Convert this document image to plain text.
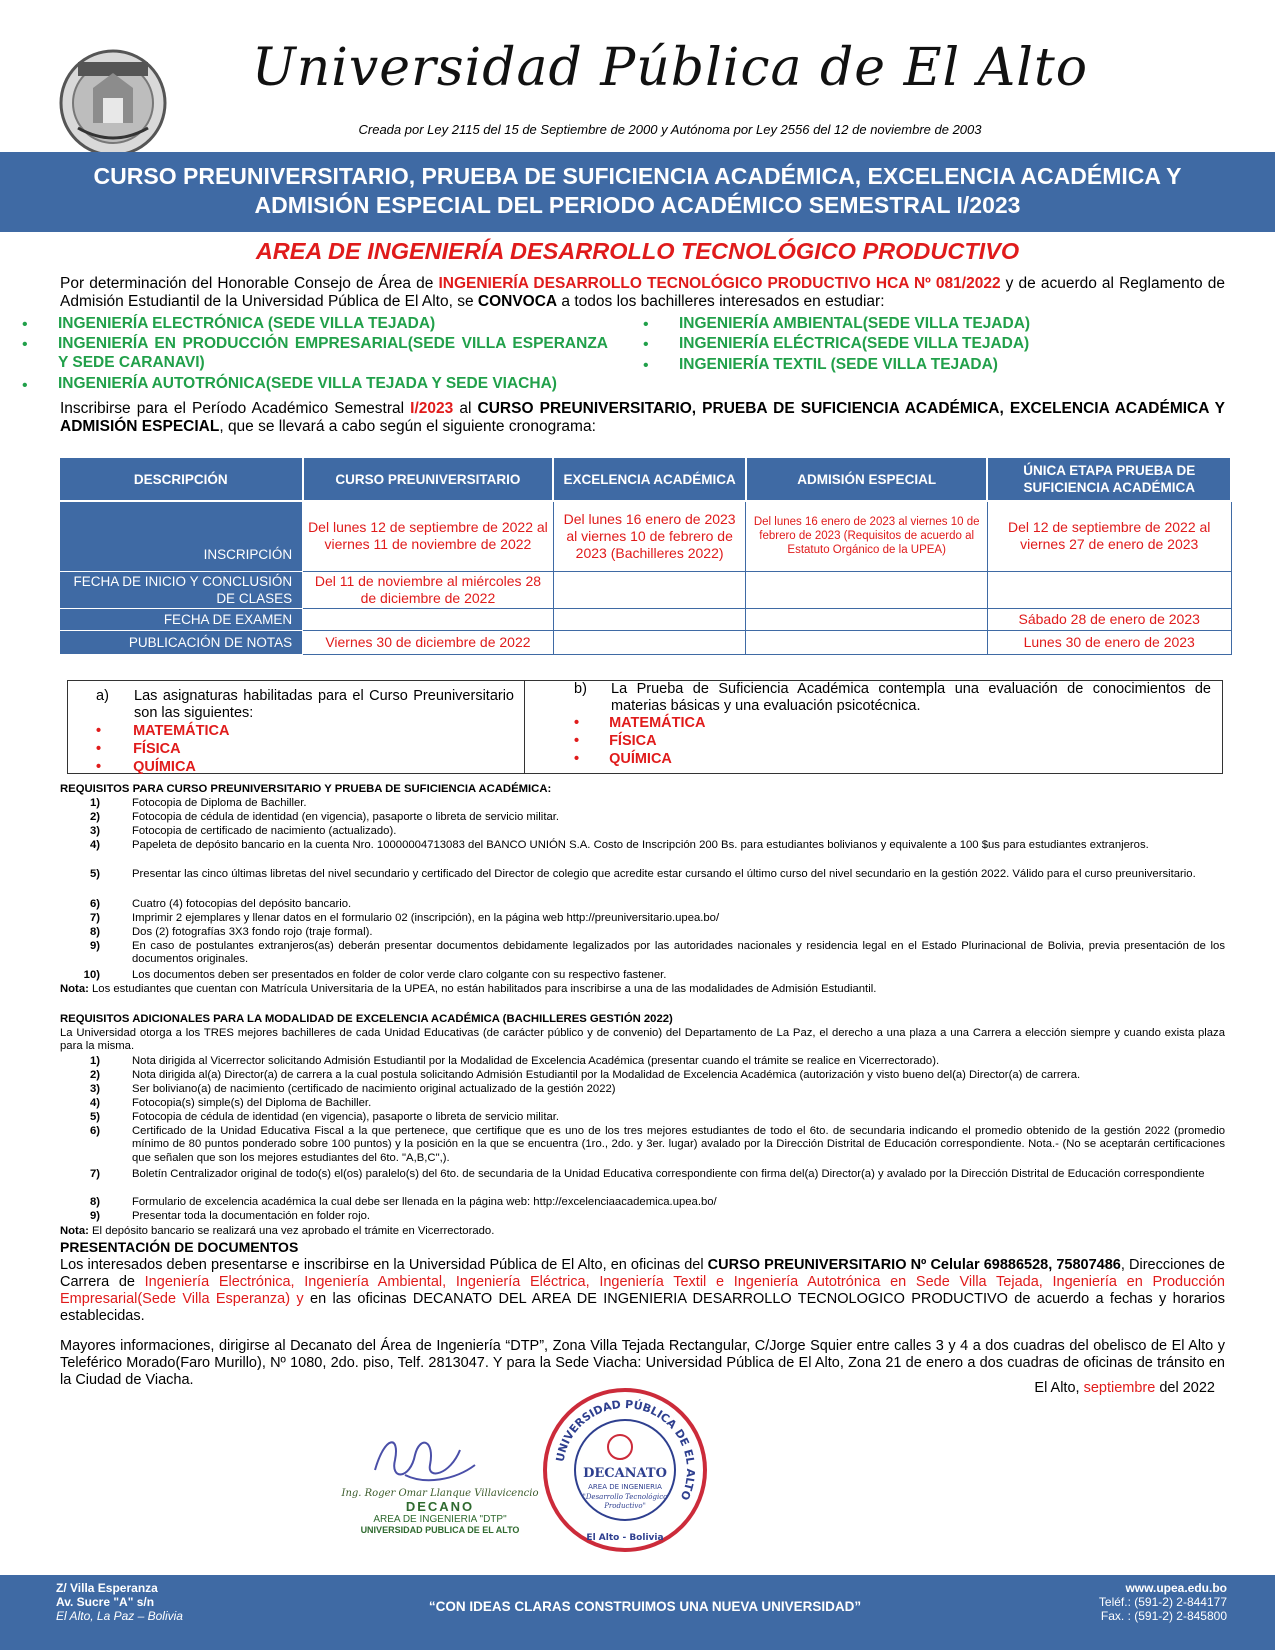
Universidad Pública de El Alto
Creada por Ley 2115 del 15 de Septiembre de 2000 y Autónoma por Ley 2556 del 12 de noviembre de 2003
CURSO PREUNIVERSITARIO, PRUEBA DE SUFICIENCIA ACADÉMICA, EXCELENCIA ACADÉMICA Y
ADMISIÓN ESPECIAL DEL PERIODO ACADÉMICO SEMESTRAL I/2023
AREA DE INGENIERÍA DESARROLLO TECNOLÓGICO PRODUCTIVO
Por determinación del Honorable Consejo de Área de INGENIERÍA DESARROLLO TECNOLÓGICO PRODUCTIVO HCA Nº 081/2022 y de acuerdo al Reglamento de Admisión Estudiantil de la Universidad Pública de El Alto, se CONVOCA a todos los bachilleres interesados en estudiar:
• INGENIERÍA ELECTRÓNICA (SEDE VILLA TEJADA)
• INGENIERÍA EN PRODUCCIÓN EMPRESARIAL(SEDE VILLA ESPERANZA Y SEDE CARANAVI)
• INGENIERÍA AUTOTRÓNICA(SEDE VILLA TEJADA Y SEDE VIACHA)
• INGENIERÍA AMBIENTAL(SEDE VILLA TEJADA)
• INGENIERÍA ELÉCTRICA(SEDE VILLA TEJADA)
• INGENIERÍA TEXTIL (SEDE VILLA TEJADA)
Inscribirse para el Período Académico Semestral I/2023 al CURSO PREUNIVERSITARIO, PRUEBA DE SUFICIENCIA ACADÉMICA, EXCELENCIA ACADÉMICA Y ADMISIÓN ESPECIAL, que se llevará a cabo según el siguiente cronograma:
DESCRIPCIÓN	CURSO PREUNIVERSITARIO	EXCELENCIA ACADÉMICA	ADMISIÓN ESPECIAL	ÚNICA ETAPA PRUEBA DE SUFICIENCIA ACADÉMICA
INSCRIPCIÓN	Del lunes 12 de septiembre de 2022 al viernes 11 de noviembre de 2022	Del lunes 16 enero de 2023 al viernes 10 de febrero de 2023 (Bachilleres 2022)	Del lunes 16 enero de 2023 al viernes 10 de febrero de 2023 (Requisitos de acuerdo al Estatuto Orgánico de la UPEA)	Del 12 de septiembre de 2022 al viernes 27 de enero de 2023
FECHA DE INICIO Y CONCLUSIÓN DE CLASES	Del 11 de noviembre al miércoles 28 de diciembre de 2022			
FECHA DE EXAMEN				Sábado 28 de enero de 2023
PUBLICACIÓN DE NOTAS	Viernes 30 de diciembre de 2022			Lunes 30 de enero de 2023
a) Las asignaturas habilitadas para el Curso Preuniversitario son las siguientes:
• MATEMÁTICA
• FÍSICA
• QUÍMICA
b) La Prueba de Suficiencia Académica contempla una evaluación de conocimientos de materias básicas y una evaluación psicotécnica.
• MATEMÁTICA
• FÍSICA
• QUÍMICA
REQUISITOS PARA CURSO PREUNIVERSITARIO Y PRUEBA DE SUFICIENCIA ACADÉMICA:
1)	Fotocopia de Diploma de Bachiller.
2)	Fotocopia de cédula de identidad (en vigencia), pasaporte o libreta de servicio militar.
3)	Fotocopia de certificado de nacimiento (actualizado).
4)	Papeleta de depósito bancario en la cuenta Nro. 10000004713083 del BANCO UNIÓN S.A. Costo de Inscripción 200 Bs. para estudiantes bolivianos y equivalente a 100 $us para estudiantes extranjeros.
5)	Presentar las cinco últimas libretas del nivel secundario y certificado del Director de colegio que acredite estar cursando el último curso del nivel secundario en la gestión 2022. Válido para el curso preuniversitario.
6)	Cuatro (4) fotocopias del depósito bancario.
7)	Imprimir 2 ejemplares y llenar datos en el formulario 02 (inscripción), en la página web http://preuniversitario.upea.bo/
8)	Dos (2) fotografías 3X3 fondo rojo (traje formal).
9)	En caso de postulantes extranjeros(as) deberán presentar documentos debidamente legalizados por las autoridades nacionales y residencia legal en el Estado Plurinacional de Bolivia, previa presentación de los documentos originales.
10)	Los documentos deben ser presentados en folder de color verde claro colgante con su respectivo fastener.
Nota: Los estudiantes que cuentan con Matrícula Universitaria de la UPEA, no están habilitados para inscribirse a una de las modalidades de Admisión Estudiantil.
REQUISITOS ADICIONALES PARA LA MODALIDAD DE EXCELENCIA ACADÉMICA (BACHILLERES GESTIÓN 2022)
La Universidad otorga a los TRES mejores bachilleres de cada Unidad Educativas (de carácter público y de convenio) del Departamento de La Paz, el derecho a una plaza a una Carrera a elección siempre y cuando exista plaza para la misma.
1)	Nota dirigida al Vicerrector solicitando Admisión Estudiantil por la Modalidad de Excelencia Académica (presentar cuando el trámite se realice en Vicerrectorado).
2)	Nota dirigida al(a) Director(a) de carrera a la cual postula solicitando Admisión Estudiantil por la Modalidad de Excelencia Académica (autorización y visto bueno del(a) Director(a) de carrera.
3)	Ser boliviano(a) de nacimiento (certificado de nacimiento original actualizado de la gestión 2022)
4)	Fotocopia(s) simple(s) del Diploma de Bachiller.
5)	Fotocopia de cédula de identidad (en vigencia), pasaporte o libreta de servicio militar.
6)	Certificado de la Unidad Educativa Fiscal a la que pertenece, que certifique que es uno de los tres mejores estudiantes de todo el 6to. de secundaria indicando el promedio obtenido de la gestión 2022 (promedio mínimo de 80 puntos ponderado sobre 100 puntos) y la posición en la que se encuentra (1ro., 2do. y 3er. lugar) avalado por la Dirección Distrital de Educación correspondiente. Nota.- (No se aceptarán certificaciones que señalen que son los mejores estudiantes del 6to. "A,B,C",).
7)	Boletín Centralizador original de todo(s) el(os) paralelo(s) del 6to. de secundaria de la Unidad Educativa correspondiente con firma del(a) Director(a) y avalado por la Dirección Distrital de Educación correspondiente
8)	Formulario de excelencia académica la cual debe ser llenada en la página web: http://excelenciaacademica.upea.bo/
9)	Presentar toda la documentación en folder rojo.
Nota: El depósito bancario se realizará una vez aprobado el trámite en Vicerrectorado.
PRESENTACIÓN DE DOCUMENTOS
Los interesados deben presentarse e inscribirse en la Universidad Pública de El Alto, en oficinas del CURSO PREUNIVERSITARIO Nº Celular 69886528, 75807486, Direcciones de Carrera de Ingeniería Electrónica, Ingeniería Ambiental, Ingeniería Eléctrica, Ingeniería Textil e Ingeniería Autotrónica en Sede Villa Tejada, Ingeniería en Producción Empresarial(Sede Villa Esperanza) y en las oficinas DECANATO DEL AREA DE INGENIERIA DESARROLLO TECNOLOGICO PRODUCTIVO de acuerdo a fechas y horarios establecidas.
Mayores informaciones, dirigirse al Decanato del Área de Ingeniería “DTP”, Zona Villa Tejada Rectangular, C/Jorge Squier entre calles 3 y 4 a dos cuadras del obelisco de El Alto y Teleférico Morado(Faro Murillo), Nº 1080, 2do. piso, Telf. 2813047. Y para la Sede Viacha: Universidad Pública de El Alto, Zona 21 de enero a dos cuadras de oficinas de tránsito en la Ciudad de Viacha.	El Alto, septiembre del 2022
Ing. Roger Omar Llanque Villavicencio
DECANO
AREA DE INGENIERIA "DTP"
UNIVERSIDAD PUBLICA DE EL ALTO
UNIVERSIDAD PÚBLICA DE EL ALTO
El Alto - Bolivia
DECANATO
AREA DE INGENIERIA
"Desarrollo Tecnológico
Productivo"
Z/ Villa Esperanza
Av. Sucre "A" s/n
El Alto, La Paz – Bolivia
“CON IDEAS CLARAS CONSTRUIMOS UNA NUEVA UNIVERSIDAD”
www.upea.edu.bo
Teléf.: (591-2) 2-844177
Fax. : (591-2) 2-845800
